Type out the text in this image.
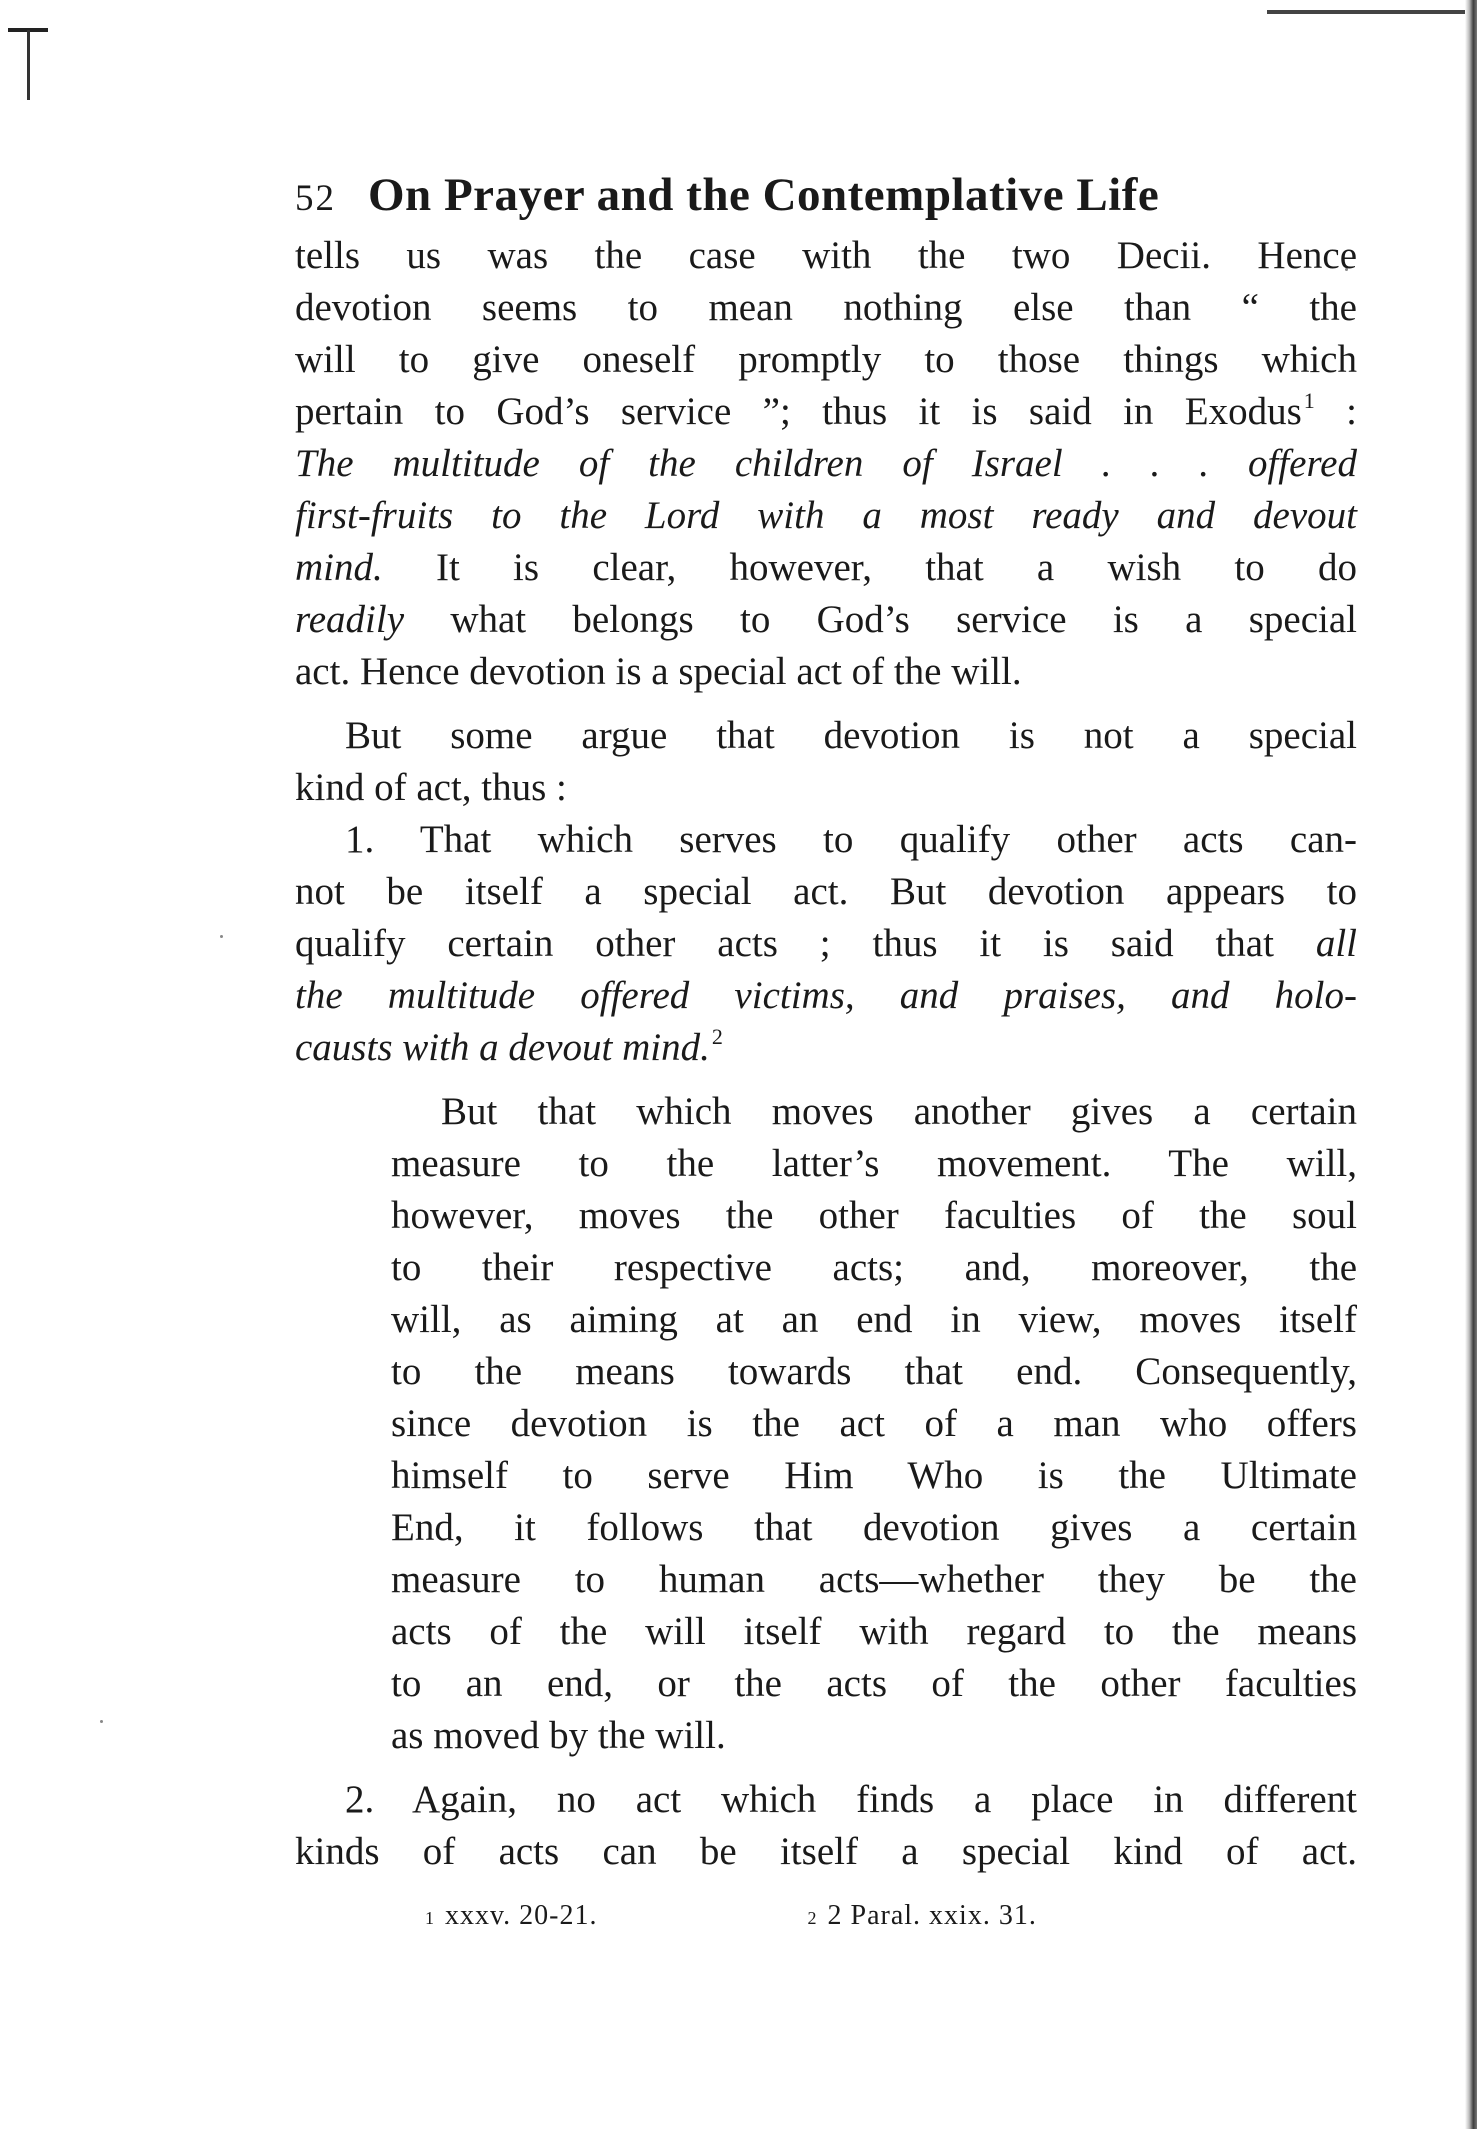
52 On Prayer and the Contemplative Life
tells us was the case with the two Decii. Hence
devotion seems to mean nothing else than “ the
will to give oneself promptly to those things which
pertain to God’s service ”; thus it is said in Exodus$^1$ :
The multitude of the children of Israel . . . offered
first-fruits to the Lord with a most ready and devout
mind. It is clear, however, that a wish to do
readily what belongs to God’s service is a special
act. Hence devotion is a special act of the will.
But some argue that devotion is not a special
kind of act, thus :
1. That which serves to qualify other acts can-
not be itself a special act. But devotion appears to
qualify certain other acts ; thus it is said that all
the multitude offered victims, and praises, and holo-
causts with a devout mind.$^2$
But that which moves another gives a certain
measure to the latter’s movement. The will,
however, moves the other faculties of the soul
to their respective acts; and, moreover, the
will, as aiming at an end in view, moves itself
to the means towards that end. Consequently,
since devotion is the act of a man who offers
himself to serve Him Who is the Ultimate
End, it follows that devotion gives a certain
measure to human acts—whether they be the
acts of the will itself with regard to the means
to an end, or the acts of the other faculties
as moved by the will.
2. Again, no act which finds a place in different
kinds of acts can be itself a special kind of act.
$^1$ xxxv. 20-21.	$^2$ 2 Paral. xxix. 31.
